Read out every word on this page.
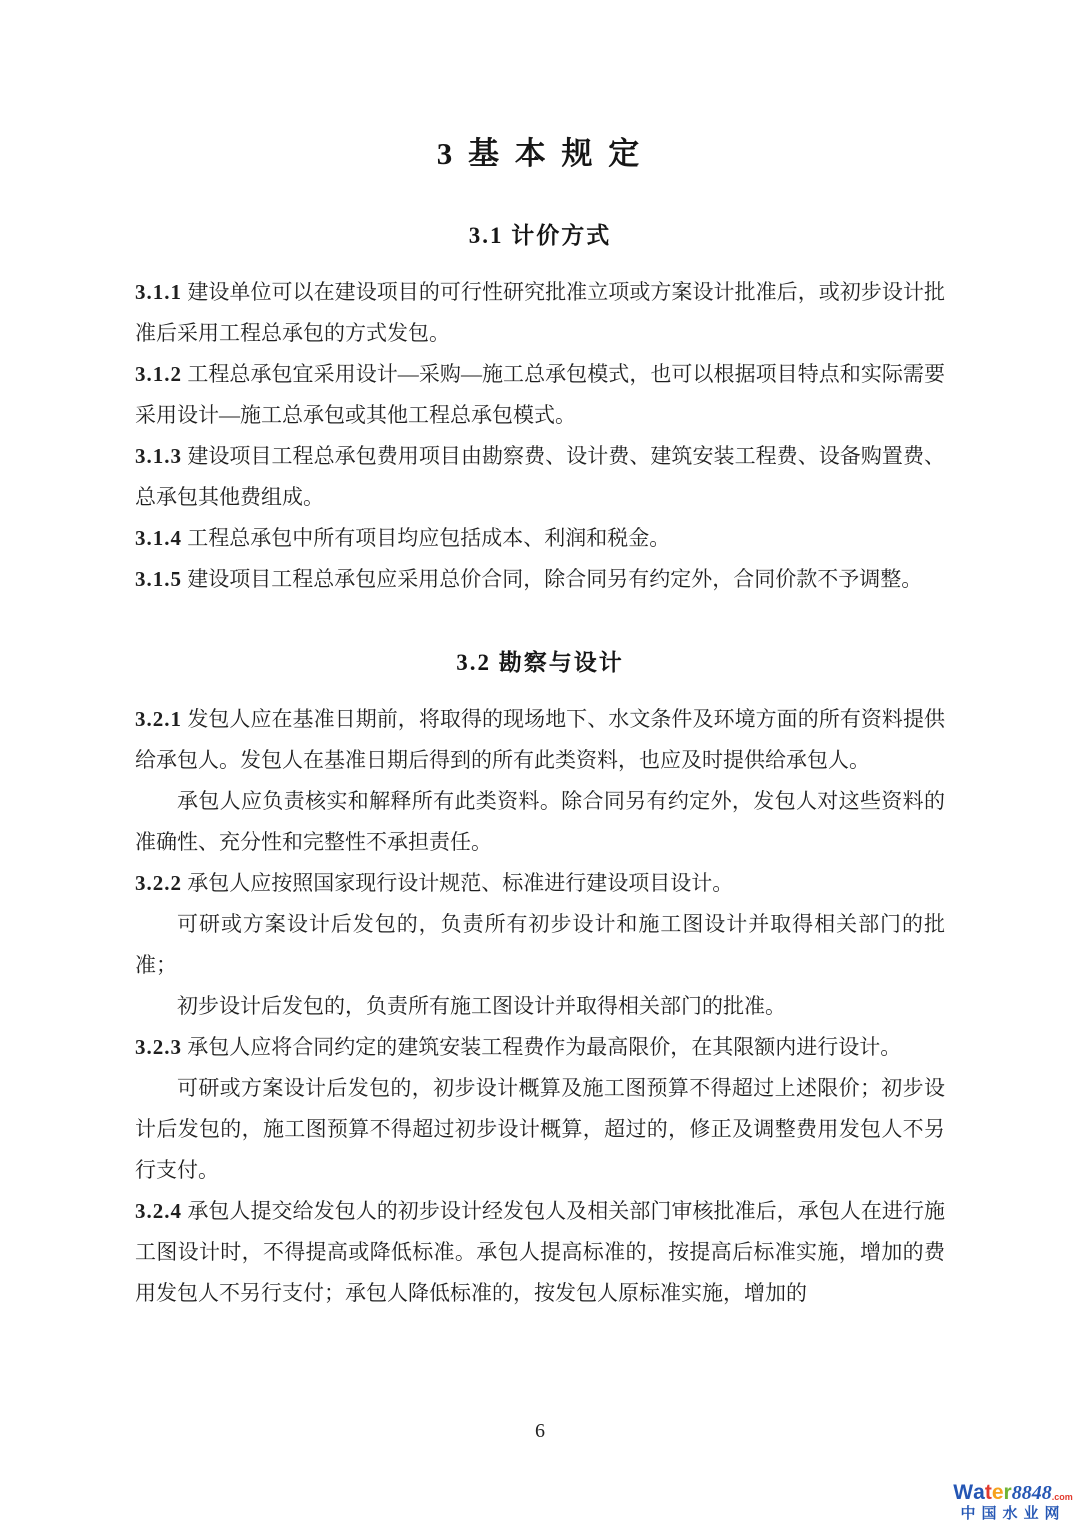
3 基 本 规 定
3.1 计价方式

3.1.1 建设单位可以在建设项目的可行性研究批准立项或方案设计批准后，或初步设计批准后采用工程总承包的方式发包。

3.1.2 工程总承包宜采用设计—采购—施工总承包模式，也可以根据项目特点和实际需要采用设计—施工总承包或其他工程总承包模式。

3.1.3 建设项目工程总承包费用项目由勘察费、设计费、建筑安装工程费、设备购置费、总承包其他费组成。

3.1.4 工程总承包中所有项目均应包括成本、利润和税金。

3.1.5 建设项目工程总承包应采用总价合同，除合同另有约定外，合同价款不予调整。

3.2 勘察与设计

3.2.1 发包人应在基准日期前，将取得的现场地下、水文条件及环境方面的所有资料提供给承包人。发包人在基准日期后得到的所有此类资料，也应及时提供给承包人。

承包人应负责核实和解释所有此类资料。除合同另有约定外，发包人对这些资料的准确性、充分性和完整性不承担责任。

3.2.2 承包人应按照国家现行设计规范、标准进行建设项目设计。

可研或方案设计后发包的，负责所有初步设计和施工图设计并取得相关部门的批准；

初步设计后发包的，负责所有施工图设计并取得相关部门的批准。

3.2.3 承包人应将合同约定的建筑安装工程费作为最高限价，在其限额内进行设计。

可研或方案设计后发包的，初步设计概算及施工图预算不得超过上述限价；初步设计后发包的，施工图预算不得超过初步设计概算，超过的，修正及调整费用发包人不另行支付。

3.2.4 承包人提交给发包人的初步设计经发包人及相关部门审核批准后，承包人在进行施工图设计时，不得提高或降低标准。承包人提高标准的，按提高后标准实施，增加的费用发包人不另行支付；承包人降低标准的，按发包人原标准实施，增加的

6
W a t e r 8848 .com
中国水业网
